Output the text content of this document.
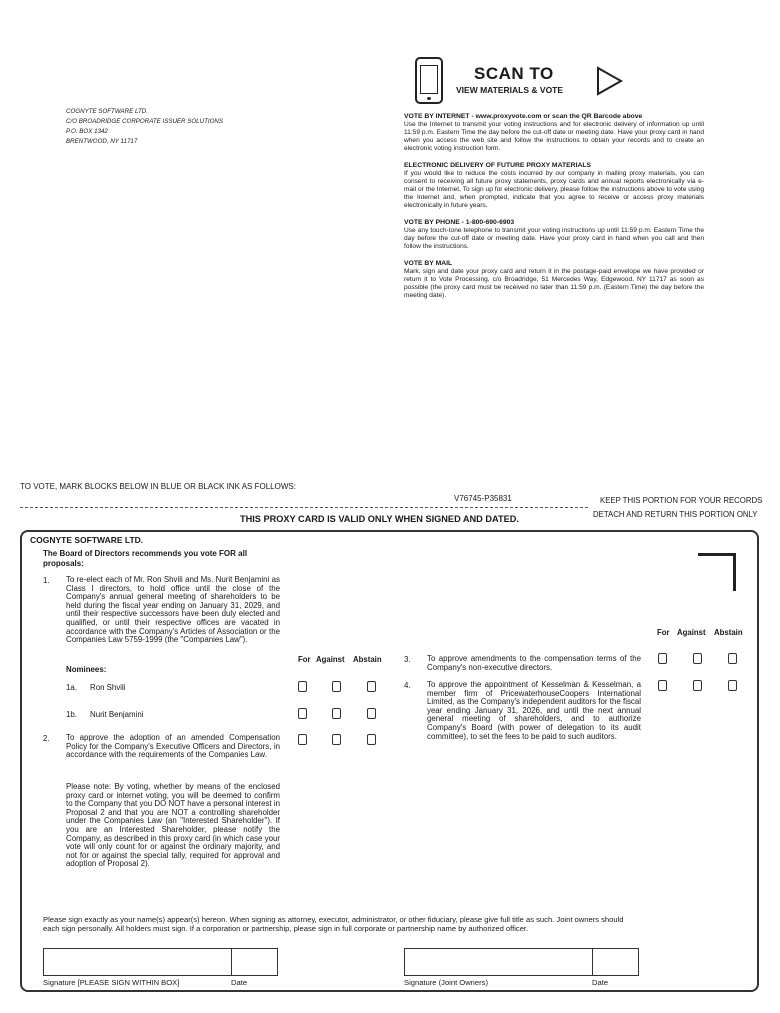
COGNYTE SOFTWARE LTD.
C/O BROADRIDGE CORPORATE ISSUER SOLUTIONS
P.O. BOX 1342
BRENTWOOD, NY 11717
SCAN TO
VIEW MATERIALS & VOTE
VOTE BY INTERNET - www.proxyvote.com or scan the QR Barcode above
Use the Internet to transmit your voting instructions and for electronic delivery of information up until 11:59 p.m. Eastern Time the day before the cut-off date or meeting date. Have your proxy card in hand when you access the web site and follow the instructions to obtain your records and to create an electronic voting instruction form.
ELECTRONIC DELIVERY OF FUTURE PROXY MATERIALS
If you would like to reduce the costs incurred by our company in mailing proxy materials, you can consent to receiving all future proxy statements, proxy cards and annual reports electronically via e-mail or the Internet. To sign up for electronic delivery, please follow the instructions above to vote using the Internet and, when prompted, indicate that you agree to receive or access proxy materials electronically in future years.
VOTE BY PHONE - 1-800-690-6903
Use any touch-tone telephone to transmit your voting instructions up until 11:59 p.m. Eastern Time the day before the cut-off date or meeting date. Have your proxy card in hand when you call and then follow the instructions.
VOTE BY MAIL
Mark, sign and date your proxy card and return it in the postage-paid envelope we have provided or return it to Vote Processing, c/o Broadridge, 51 Mercedes Way, Edgewood, NY 11717 as soon as possible (the proxy card must be received no later than 11:59 p.m. (Eastern Time) the day before the meeting date).
TO VOTE, MARK BLOCKS BELOW IN BLUE OR BLACK INK AS FOLLOWS:
V76745-P35831	KEEP THIS PORTION FOR YOUR RECORDS
DETACH AND RETURN THIS PORTION ONLY
THIS PROXY CARD IS VALID ONLY WHEN SIGNED AND DATED.
COGNYTE SOFTWARE LTD.
The Board of Directors recommends you vote FOR all proposals:
1. To re-elect each of Mr. Ron Shvili and Ms. Nurit Benjamini as Class I directors, to hold office until the close of the Company's annual general meeting of shareholders to be held during the fiscal year ending on January 31, 2029, and until their respective successors have been duly elected and qualified, or until their respective offices are vacated in accordance with the Company's Articles of Association or the Companies Law 5759-1999 (the "Companies Law").
Nominees:
For Against Abstain
1a. Ron Shvili
1b. Nurit Benjamini
2. To approve the adoption of an amended Compensation Policy for the Company's Executive Officers and Directors, in accordance with the requirements of the Companies Law.
Please note: By voting, whether by means of the enclosed proxy card or internet voting, you will be deemed to confirm to the Company that you DO NOT have a personal interest in Proposal 2 and that you are NOT a controlling shareholder under the Companies Law (an "Interested Shareholder"). If you are an Interested Shareholder, please notify the Company, as described in this proxy card (in which case your vote will only count for or against the ordinary majority, and not for or against the special tally, required for approval and adoption of Proposal 2).
For Against Abstain
3. To approve amendments to the compensation terms of the Company's non-executive directors.
4. To approve the appointment of Kesselman & Kesselman, a member firm of PricewaterhouseCoopers International Limited, as the Company's independent auditors for the fiscal year ending January 31, 2026, and until the next annual general meeting of shareholders, and to authorize Company's Board (with power of delegation to its audit committee), to set the fees to be paid to such auditors.
Please sign exactly as your name(s) appear(s) hereon. When signing as attorney, executor, administrator, or other fiduciary, please give full title as such. Joint owners should each sign personally. All holders must sign. If a corporation or partnership, please sign in full corporate or partnership name by authorized officer.
Signature [PLEASE SIGN WITHIN BOX]	Date	Signature (Joint Owners)	Date
